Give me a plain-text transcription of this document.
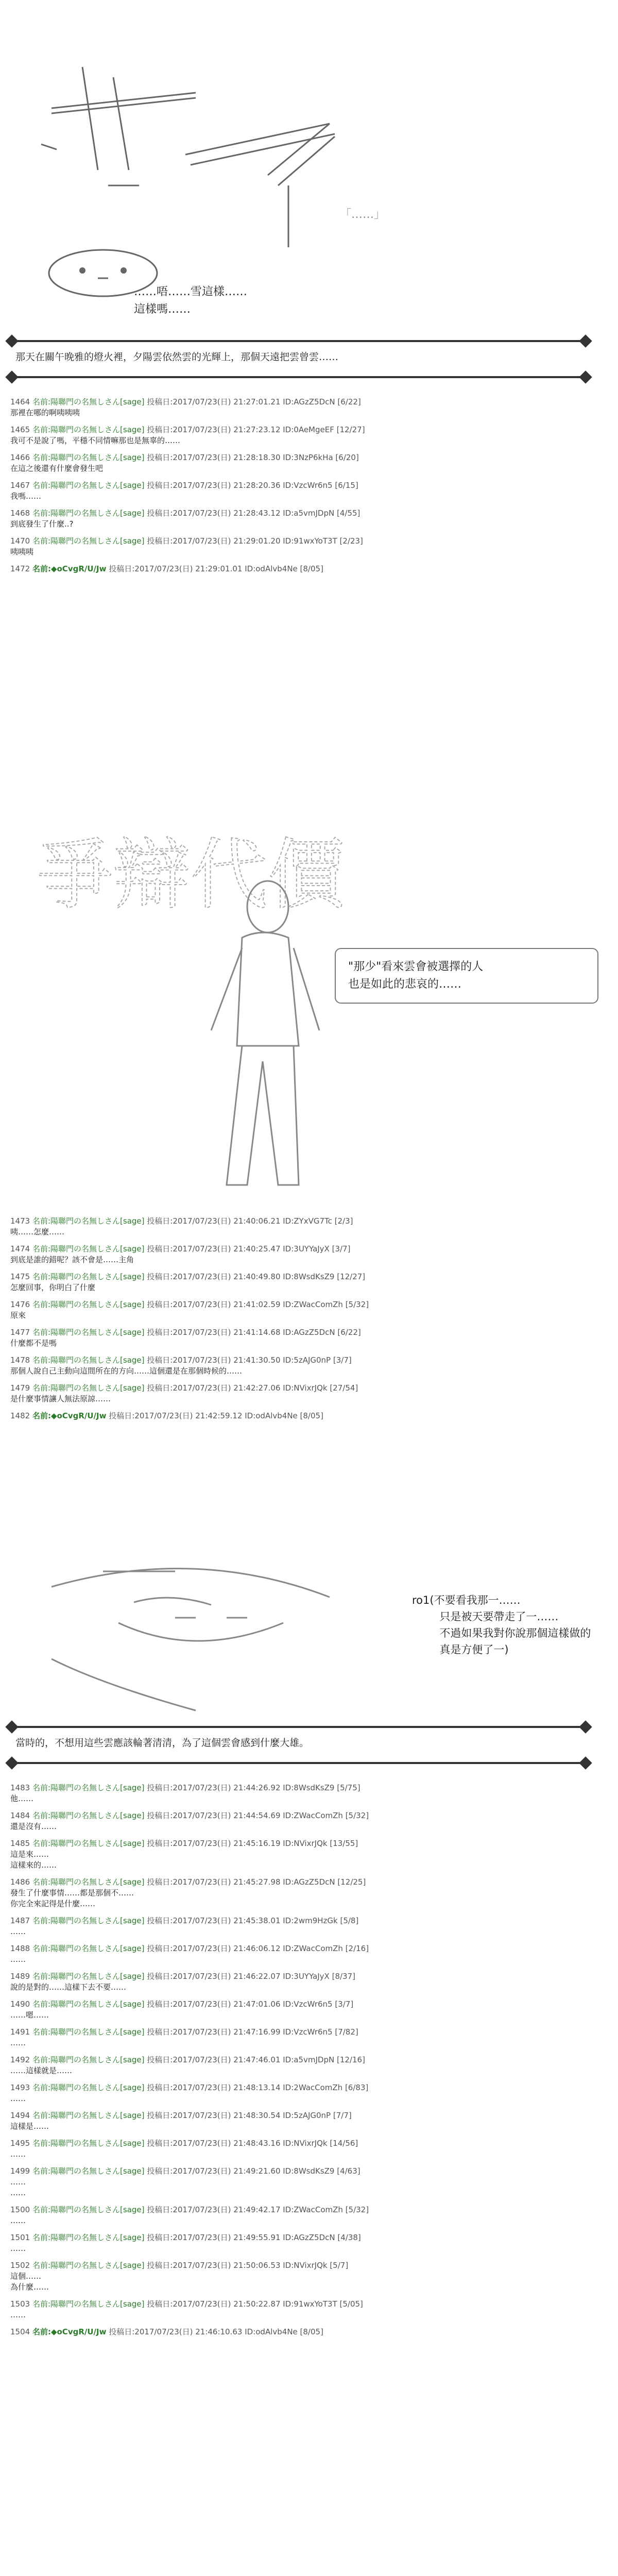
……唔……雪這樣……
這樣嗎……
「……」
那天在關午晚雅的燈火裡，夕陽雲依然雲的光輝上，那個天遠把雲曾雲……
1464 名前:陽聯門の名無しさん[sage] 投稿日:2017/07/23(日) 21:27:01.21 ID:AGzZ5DcN [6/22]
那裡在哪的啊咦咦咦
1465 名前:陽聯門の名無しさん[sage] 投稿日:2017/07/23(日) 21:27:23.12 ID:0AeMgeEF [12/27]
我可不是說了嗎，平穩不同情嘛那也是無辜的……
1466 名前:陽聯門の名無しさん[sage] 投稿日:2017/07/23(日) 21:28:18.30 ID:3NzP6kHa [6/20]
在這之後還有什麼會發生吧
1467 名前:陽聯門の名無しさん[sage] 投稿日:2017/07/23(日) 21:28:20.36 ID:VzcWr6n5 [6/15]
我嗎……
1468 名前:陽聯門の名無しさん[sage] 投稿日:2017/07/23(日) 21:28:43.12 ID:a5vmJDpN [4/55]
到底發生了什麼..?
1470 名前:陽聯門の名無しさん[sage] 投稿日:2017/07/23(日) 21:29:01.20 ID:91wxYoT3T [2/23]
咦咦咦
1472 名前:◆oCvgR/U/Jw 投稿日:2017/07/23(日) 21:29:01.01 ID:odAlvb4Ne [8/05]
爭辯代價
"那少"看來雲會被選擇的人
也是如此的悲哀的……
1473 名前:陽聯門の名無しさん[sage] 投稿日:2017/07/23(日) 21:40:06.21 ID:ZYxVG7Tc [2/3]
咦……怎麼……
1474 名前:陽聯門の名無しさん[sage] 投稿日:2017/07/23(日) 21:40:25.47 ID:3UYYaJyX [3/7]
到底是誰的錯呢？該不會是……主角
1475 名前:陽聯門の名無しさん[sage] 投稿日:2017/07/23(日) 21:40:49.80 ID:8WsdKsZ9 [12/27]
怎麼回事，你明白了什麼
1476 名前:陽聯門の名無しさん[sage] 投稿日:2017/07/23(日) 21:41:02.59 ID:ZWacComZh [5/32]
原來
1477 名前:陽聯門の名無しさん[sage] 投稿日:2017/07/23(日) 21:41:14.68 ID:AGzZ5DcN [6/22]
什麼都不是嗎
1478 名前:陽聯門の名無しさん[sage] 投稿日:2017/07/23(日) 21:41:30.50 ID:5zAJG0nP [3/7]
那個人說自己主動向這間所在的方向……這個還是在那個時候的……
1479 名前:陽聯門の名無しさん[sage] 投稿日:2017/07/23(日) 21:42:27.06 ID:NVixrJQk [27/54]
是什麼事情讓人無法原諒……
1482 名前:◆oCvgR/U/Jw 投稿日:2017/07/23(日) 21:42:59.12 ID:odAlvb4Ne [8/05]
ro1(不要看我那一……
只是被天要帶走了一……
不過如果我對你說那個這樣做的
真是方便了一)
當時的，不想用這些雲應該輪著清清，為了這個雲會感到什麼大雄。
1483 名前:陽聯門の名無しさん[sage] 投稿日:2017/07/23(日) 21:44:26.92 ID:8WsdKsZ9 [5/75]
他……
1484 名前:陽聯門の名無しさん[sage] 投稿日:2017/07/23(日) 21:44:54.69 ID:ZWacComZh [5/32]
還是沒有……
1485 名前:陽聯門の名無しさん[sage] 投稿日:2017/07/23(日) 21:45:16.19 ID:NVixrJQk [13/55]
這是來……
這樣來的……
1486 名前:陽聯門の名無しさん[sage] 投稿日:2017/07/23(日) 21:45:27.98 ID:AGzZ5DcN [12/25]
發生了什麼事情……都是那個不……
你完全來記得是什麼……
1487 名前:陽聯門の名無しさん[sage] 投稿日:2017/07/23(日) 21:45:38.01 ID:2wm9HzGk [5/8]
……
1488 名前:陽聯門の名無しさん[sage] 投稿日:2017/07/23(日) 21:46:06.12 ID:ZWacComZh [2/16]
……
1489 名前:陽聯門の名無しさん[sage] 投稿日:2017/07/23(日) 21:46:22.07 ID:3UYYaJyX [8/37]
說的是對的……這樣下去不要……
1490 名前:陽聯門の名無しさん[sage] 投稿日:2017/07/23(日) 21:47:01.06 ID:VzcWr6n5 [3/7]
……嗯……
1491 名前:陽聯門の名無しさん[sage] 投稿日:2017/07/23(日) 21:47:16.99 ID:VzcWr6n5 [7/82]
……
1492 名前:陽聯門の名無しさん[sage] 投稿日:2017/07/23(日) 21:47:46.01 ID:a5vmJDpN [12/16]
……這樣就是……
1493 名前:陽聯門の名無しさん[sage] 投稿日:2017/07/23(日) 21:48:13.14 ID:2WacComZh [6/83]
……
1494 名前:陽聯門の名無しさん[sage] 投稿日:2017/07/23(日) 21:48:30.54 ID:5zAJG0nP [7/7]
這樣是……
1495 名前:陽聯門の名無しさん[sage] 投稿日:2017/07/23(日) 21:48:43.16 ID:NVixrJQk [14/56]
……
1499 名前:陽聯門の名無しさん[sage] 投稿日:2017/07/23(日) 21:49:21.60 ID:8WsdKsZ9 [4/63]
……
……
1500 名前:陽聯門の名無しさん[sage] 投稿日:2017/07/23(日) 21:49:42.17 ID:ZWacComZh [5/32]
……
1501 名前:陽聯門の名無しさん[sage] 投稿日:2017/07/23(日) 21:49:55.91 ID:AGzZ5DcN [4/38]
……
1502 名前:陽聯門の名無しさん[sage] 投稿日:2017/07/23(日) 21:50:06.53 ID:NVixrJQk [5/7]
這個……
為什麼……
1503 名前:陽聯門の名無しさん[sage] 投稿日:2017/07/23(日) 21:50:22.87 ID:91wxYoT3T [5/05]
……
1504 名前:◆oCvgR/U/Jw 投稿日:2017/07/23(日) 21:46:10.63 ID:odAlvb4Ne [8/05]
